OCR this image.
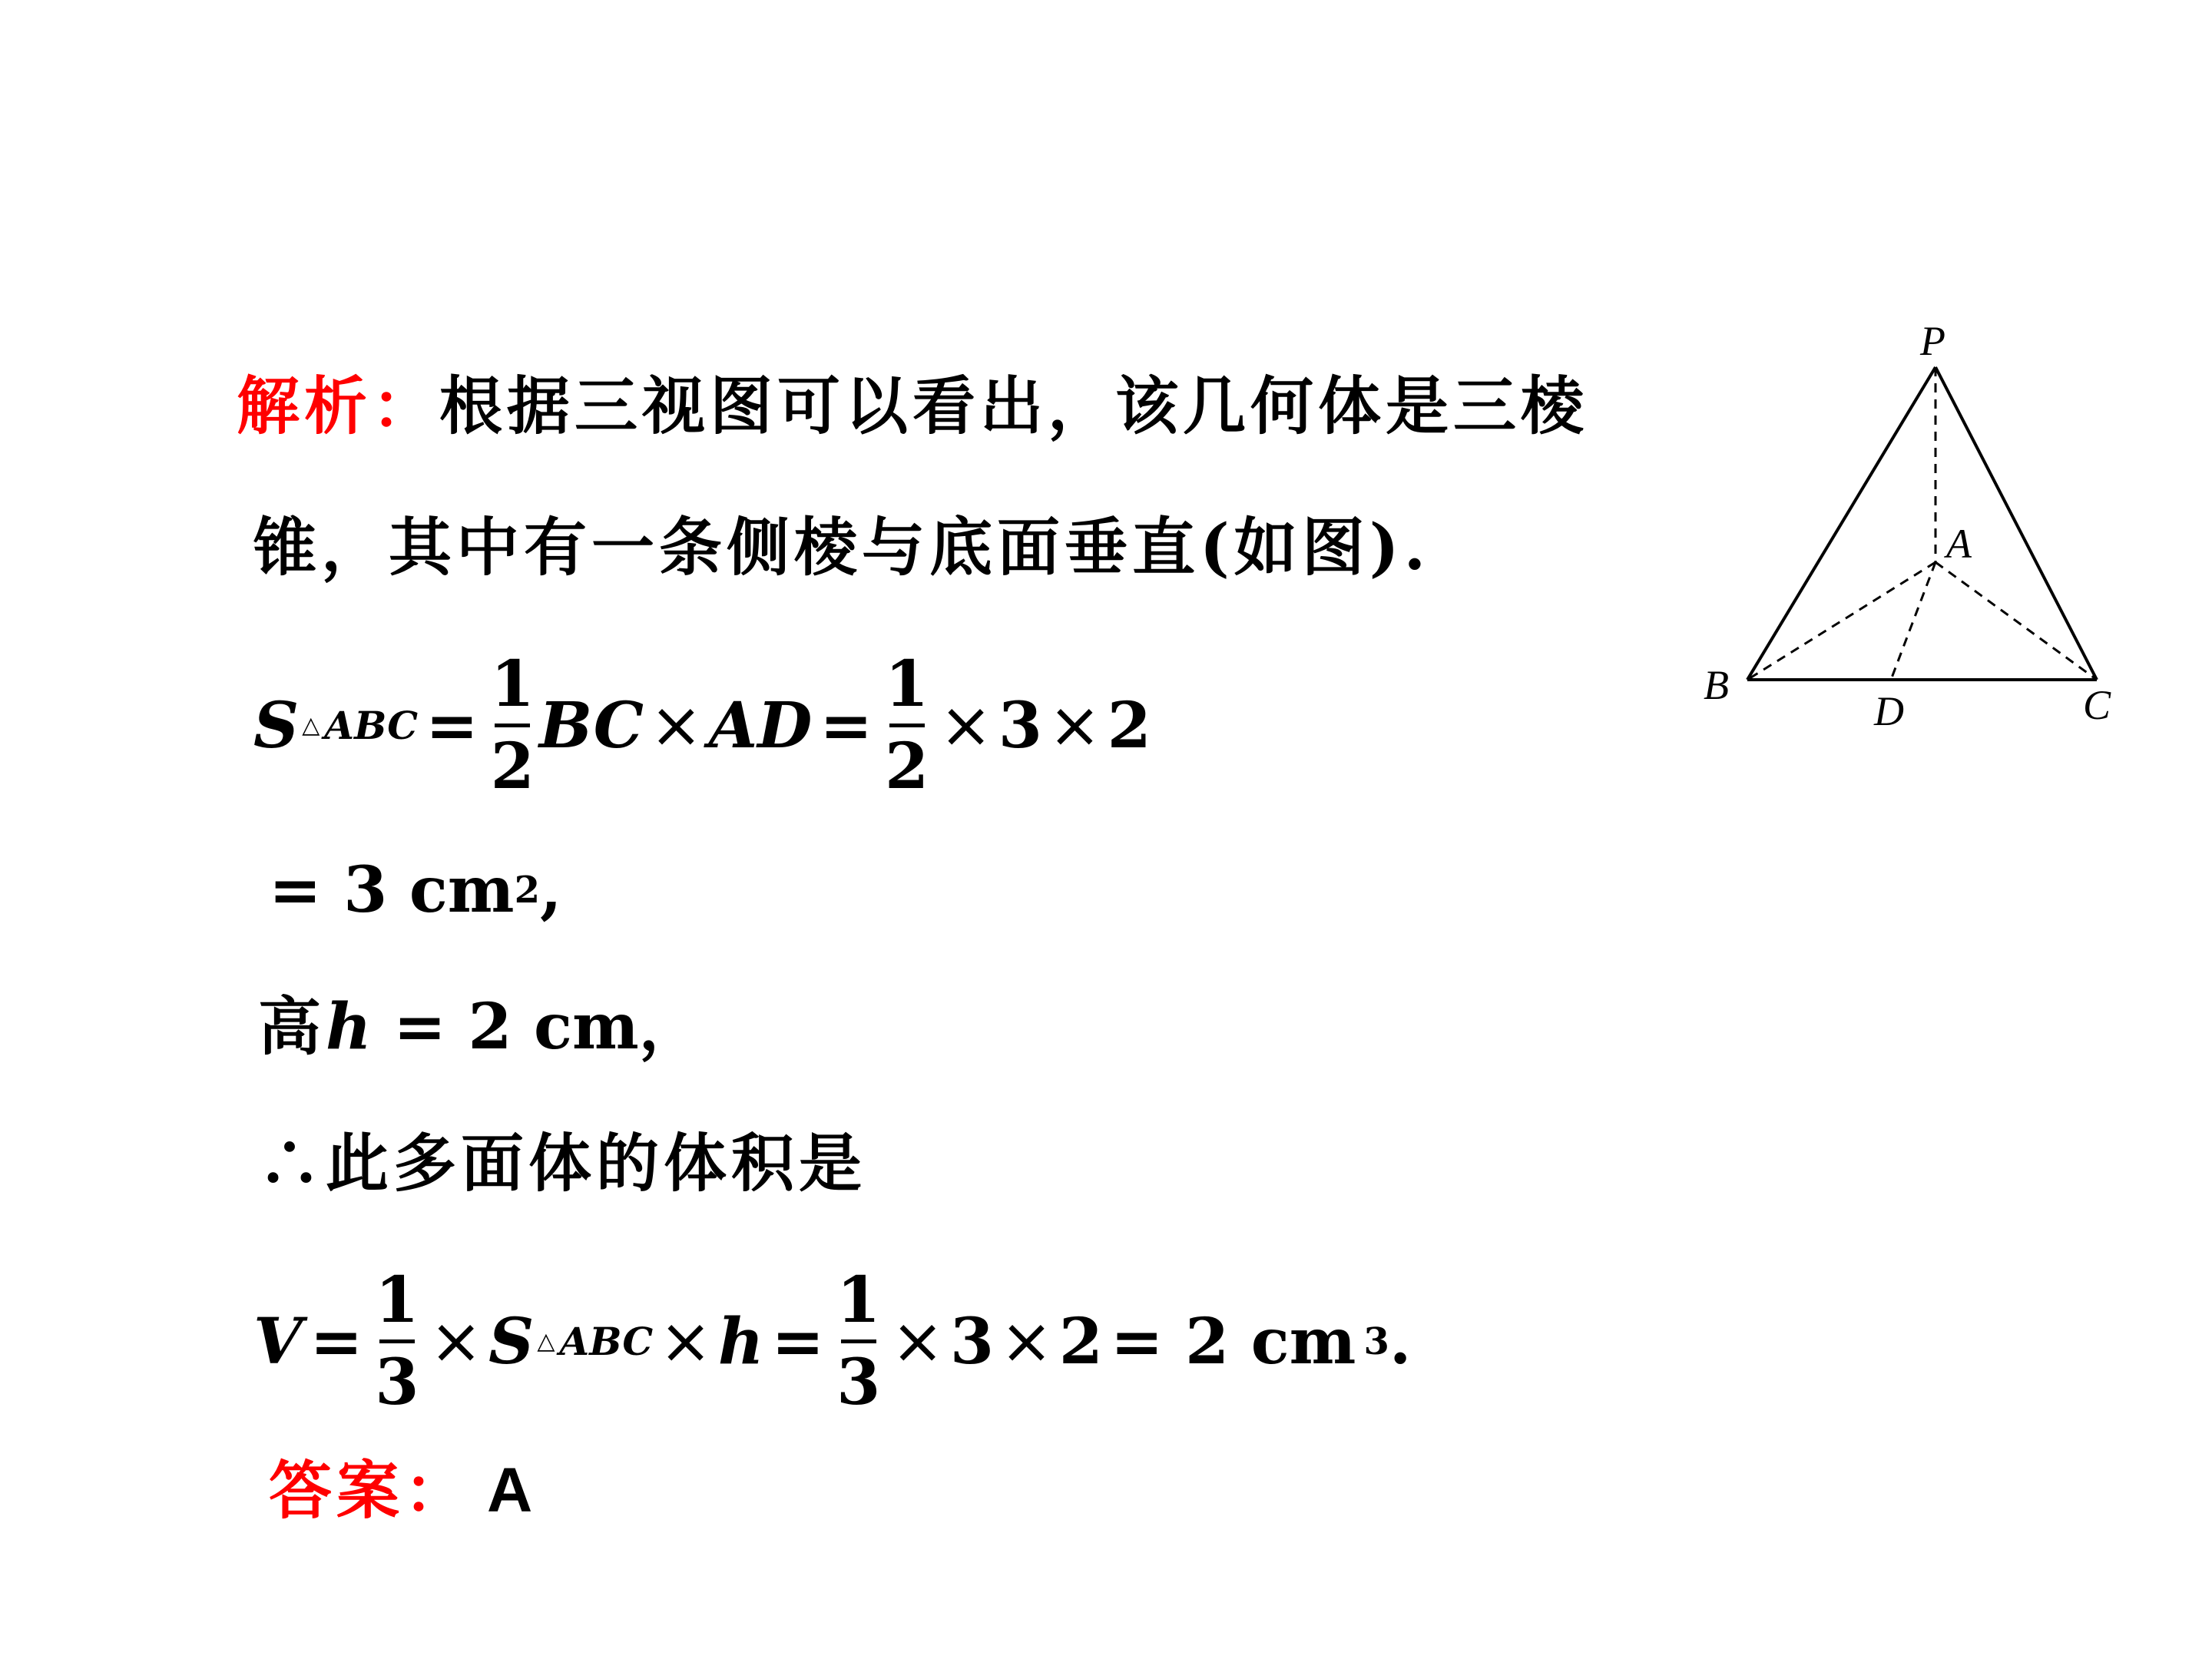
解析： 根据三视图可以看出，该几何体是三棱
锥，其中有一条侧棱与底面垂直(如图).
S △ ABC =
1
2
BC × AD =
1
2
× 3 × 2
= 3 cm 2 ,
高 h = 2 cm，
∴此多面体的体积是
V =
1
3
× S △ ABC × h =
1
3
× 3 × 2 = 2 cm 3 .
答案： A
P
A
B
D	C
